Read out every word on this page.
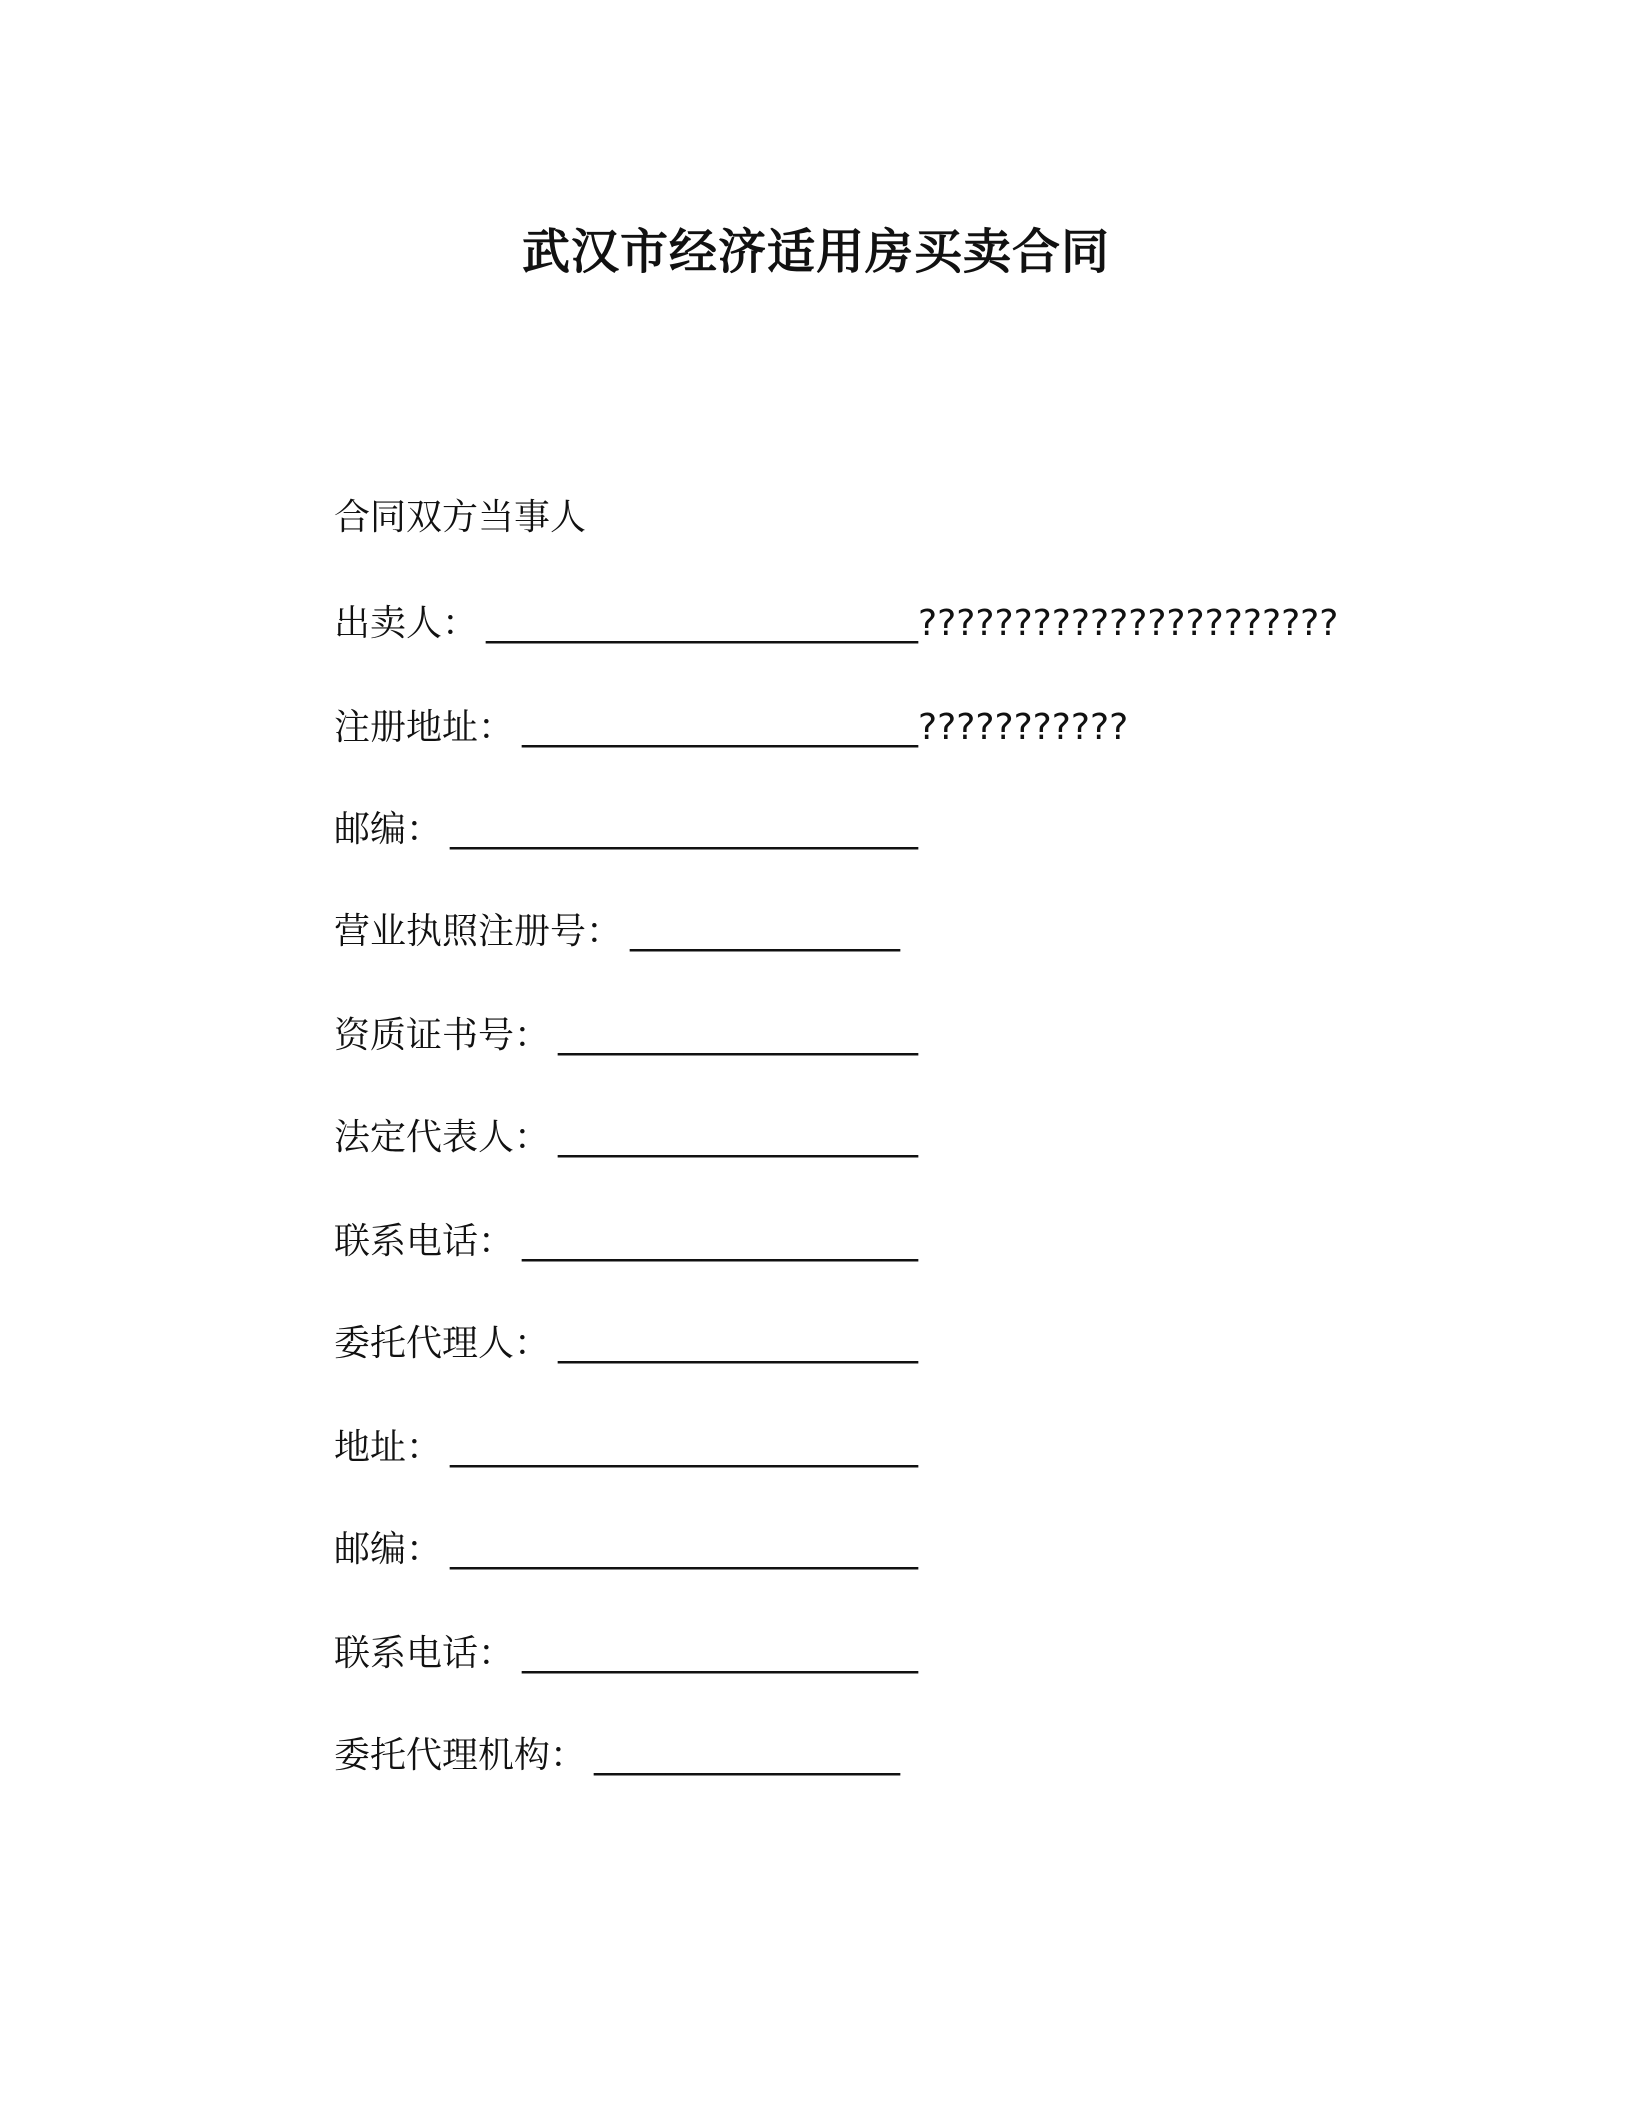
武汉市经济适用房买卖合同
合同双方当事人
出卖人： ________________________??????????????????????
注册地址： ______________________???????????
邮编： __________________________
营业执照注册号： _______________
资质证书号： ____________________
法定代表人： ____________________
联系电话： ______________________
委托代理人： ____________________
地址： __________________________
邮编： __________________________
联系电话： ______________________
委托代理机构： _________________
